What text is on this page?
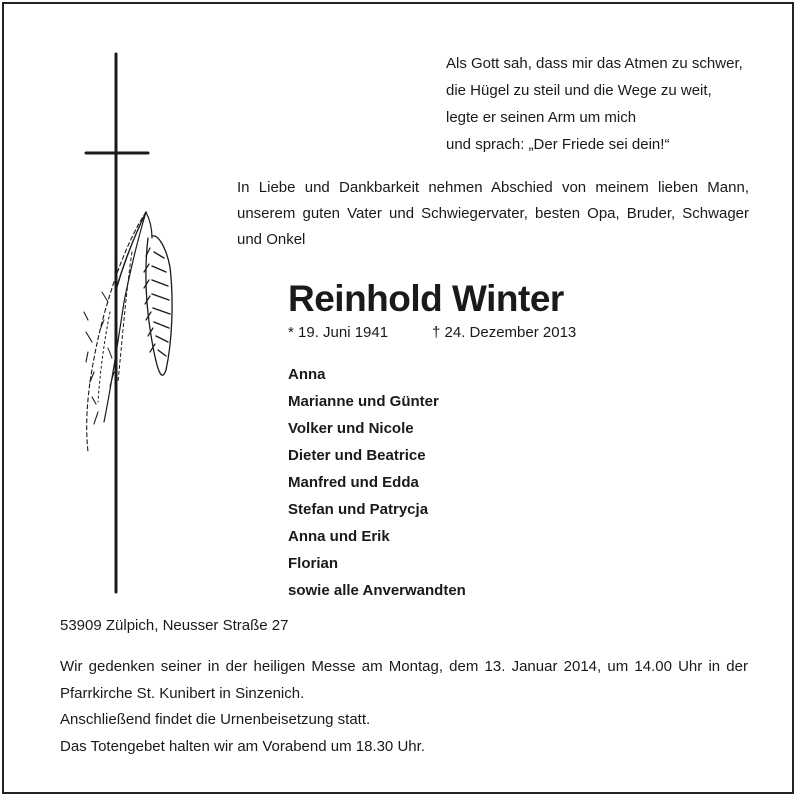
Als Gott sah, dass mir das Atmen zu schwer,
die Hügel zu steil und die Wege zu weit,
legte er seinen Arm um mich
und sprach: „Der Friede sei dein!“
In Liebe und Dankbarkeit nehmen Abschied von meinem lieben Mann, unserem guten Vater und Schwiegervater, besten Opa, Bruder, Schwager und Onkel
Reinhold Winter
* 19. Juni 1941	† 24. Dezember 2013
Anna
Marianne und Günter
Volker und Nicole
Dieter und Beatrice
Manfred und Edda
Stefan und Patrycja
Anna und Erik
Florian
sowie alle Anverwandten
53909 Zülpich, Neusser Straße 27
Wir gedenken seiner in der heiligen Messe am Montag, dem 13. Januar 2014, um 14.00 Uhr in der Pfarrkirche St. Kunibert in Sinzenich.
Anschließend findet die Urnenbeisetzung statt.
Das Totengebet halten wir am Vorabend um 18.30 Uhr.
